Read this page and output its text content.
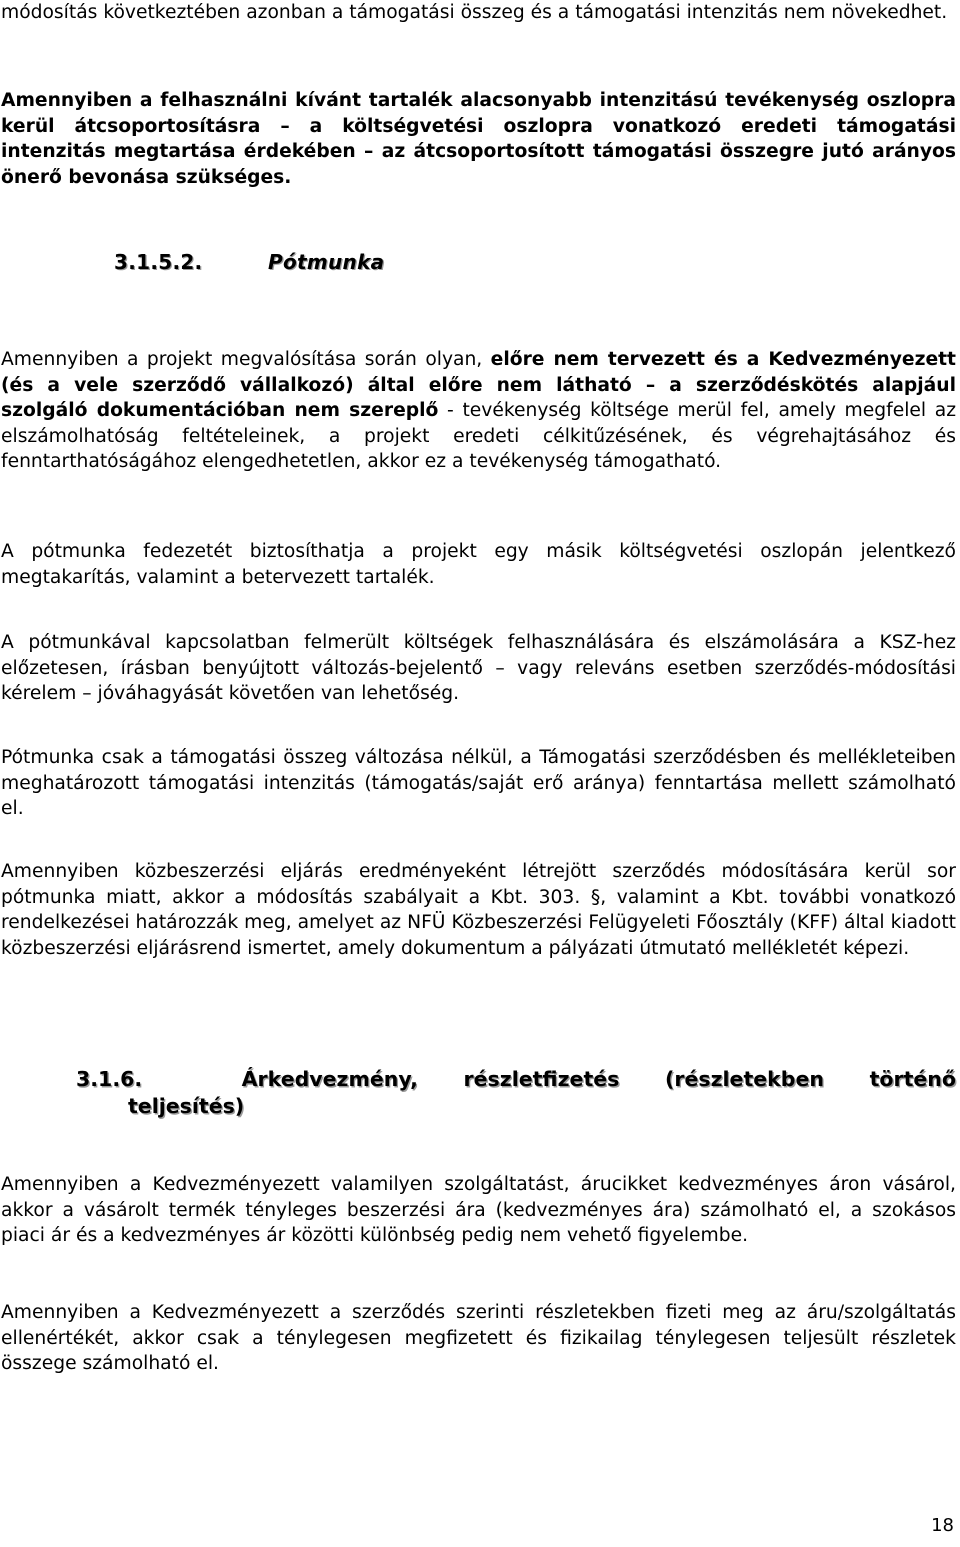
módosítás következtében azonban a támogatási összeg és a támogatási intenzitás nem növekedhet.

Amennyiben a felhasználni kívánt tartalék alacsonyabb intenzitású tevékenység oszlopra kerül átcsoportosításra – a költségvetési oszlopra vonatkozó eredeti támogatási intenzitás megtartása érdekében – az átcsoportosított támogatási összegre jutó arányos önerő bevonása szükséges.

3.1.5.2.	Pótmunka

Amennyiben a projekt megvalósítása során olyan, előre nem tervezett és a Kedvezményezett (és a vele szerződő vállalkozó) által előre nem látható – a szerződéskötés alapjául szolgáló dokumentációban nem szereplő - tevékenység költsége merül fel, amely megfelel az elszámolhatóság feltételeinek, a projekt eredeti célkitűzésének, és végrehajtásához és fenntarthatóságához elengedhetetlen, akkor ez a tevékenység támogatható.

A pótmunka fedezetét biztosíthatja a projekt egy másik költségvetési oszlopán jelentkező megtakarítás, valamint a betervezett tartalék.

A pótmunkával kapcsolatban felmerült költségek felhasználására és elszámolására a KSZ-hez előzetesen, írásban benyújtott változás-bejelentő – vagy releváns esetben szerződés-módosítási kérelem – jóváhagyását követően van lehetőség.

Pótmunka csak a támogatási összeg változása nélkül, a Támogatási szerződésben és mellékleteiben meghatározott támogatási intenzitás (támogatás/saját erő aránya) fenntartása mellett számolható el.

Amennyiben közbeszerzési eljárás eredményeként létrejött szerződés módosítására kerül sor pótmunka miatt, akkor a módosítás szabályait a Kbt. 303. §, valamint a Kbt. további vonatkozó rendelkezései határozzák meg, amelyet az NFÜ Közbeszerzési Felügyeleti Főosztály (KFF) által kiadott közbeszerzési eljárásrend ismertet, amely dokumentum a pályázati útmutató mellékletét képezi.

3.1.6.	Árkedvezmény, részletfizetés (részletekben történő
teljesítés)

Amennyiben a Kedvezményezett valamilyen szolgáltatást, árucikket kedvezményes áron vásárol, akkor a vásárolt termék tényleges beszerzési ára (kedvezményes ára) számolható el, a szokásos piaci ár és a kedvezményes ár közötti különbség pedig nem vehető figyelembe.

Amennyiben a Kedvezményezett a szerződés szerinti részletekben fizeti meg az áru/szolgáltatás ellenértékét, akkor csak a ténylegesen megfizetett és fizikailag ténylegesen teljesült részletek összege számolható el.

18
